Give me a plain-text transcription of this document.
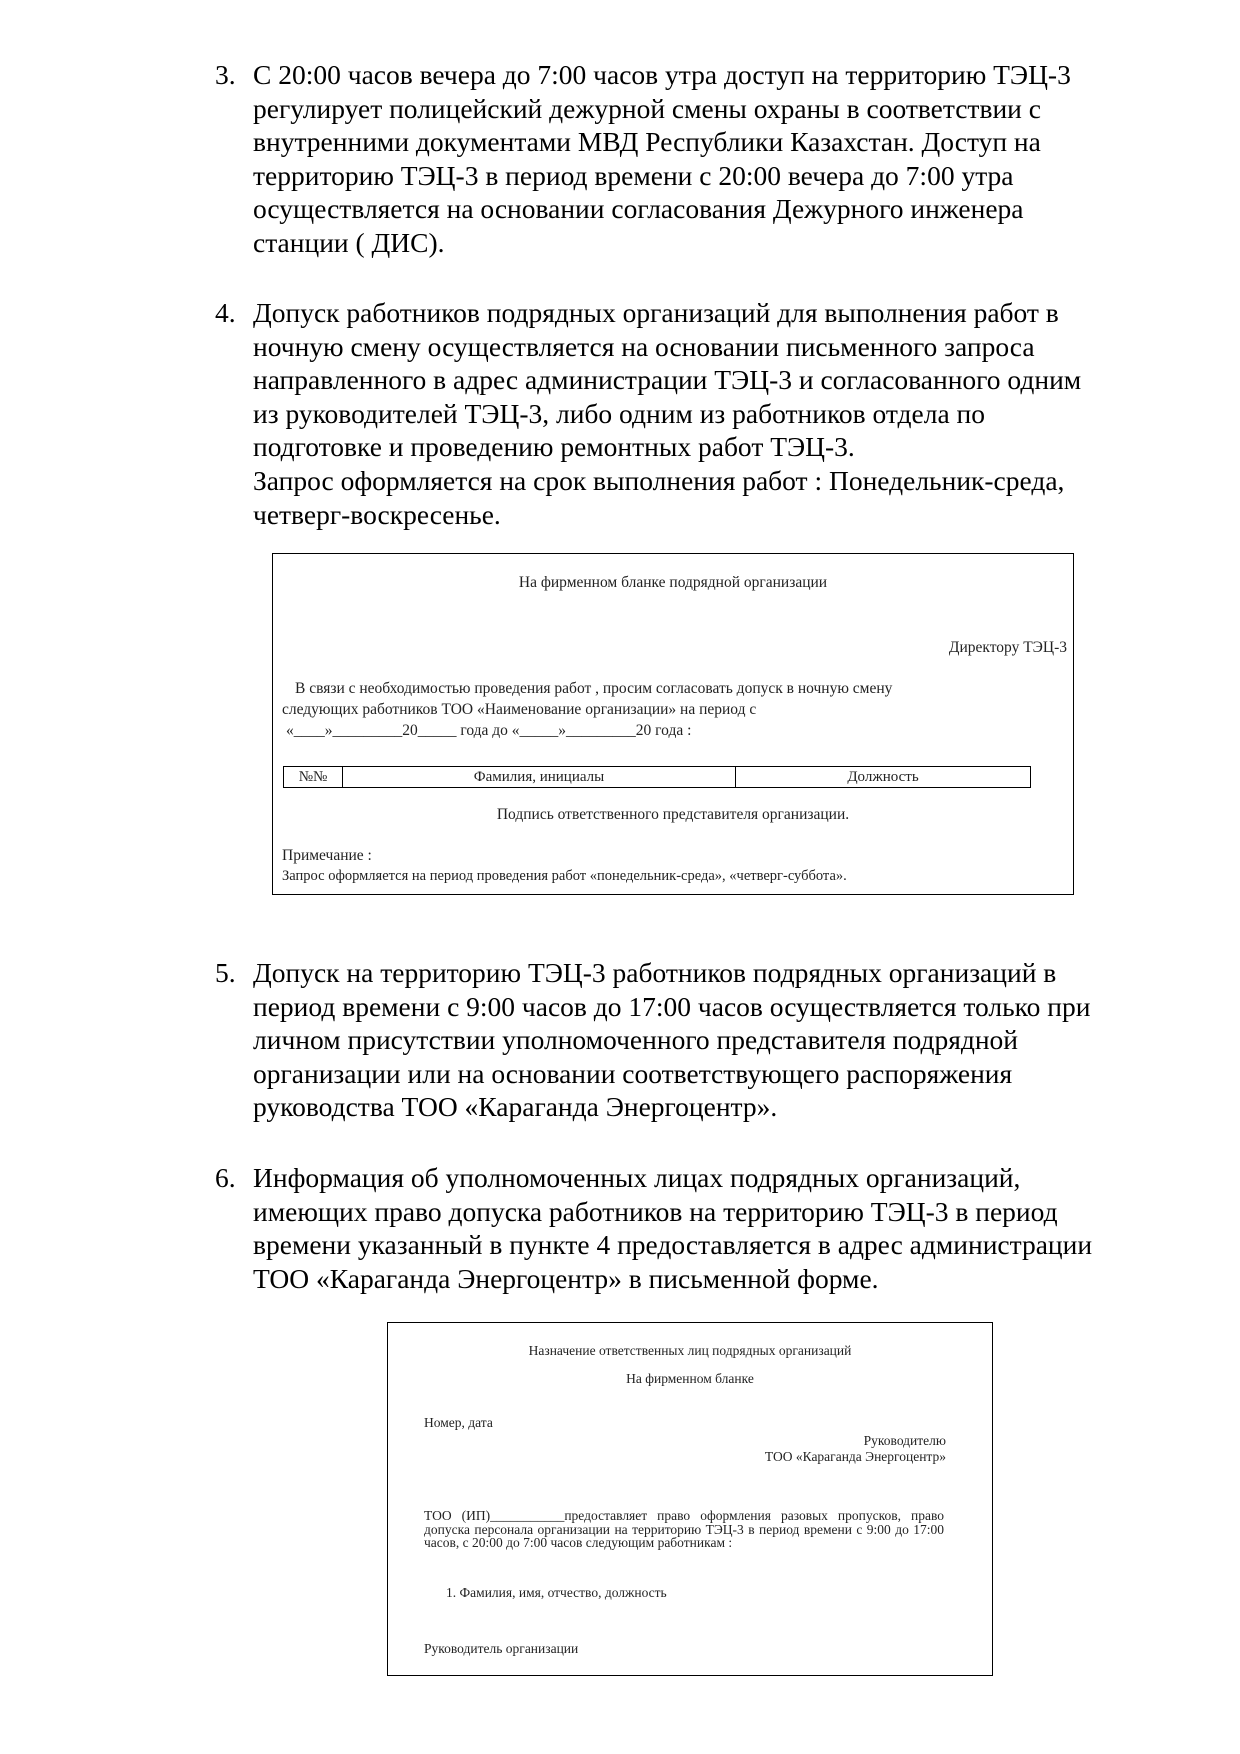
3. С 20:00 часов вечера до 7:00 часов утра доступ на территорию ТЭЦ-3

регулирует полицейский дежурной смены охраны в соответствии с

внутренними документами МВД Республики Казахстан. Доступ на

территорию ТЭЦ-3 в период времени с 20:00 вечера до 7:00 утра

осуществляется на основании согласования Дежурного инженера

станции ( ДИС).

4. Допуск работников подрядных организаций для выполнения работ в

ночную смену осуществляется на основании письменного запроса

направленного в адрес администрации ТЭЦ-3 и согласованного одним

из руководителей ТЭЦ-3, либо одним из работников отдела по

подготовке и проведению ремонтных работ ТЭЦ-3.

Запрос оформляется на срок выполнения работ : Понедельник-среда,

четверг-воскресенье.

На фирменном бланке подрядной организации
Директору ТЭЦ-3
В связи с необходимостью проведения работ , просим согласовать допуск в ночную смену
следующих работников ТОО «Наименование организации» на период с
«____»_________20_____ года до «_____»_________20 года :
№№	Фамилия, инициалы	Должность
Подпись ответственного представителя организации.
Примечание :
Запрос оформляется на период проведения работ «понедельник-среда», «четверг-суббота».
5. Допуск на территорию ТЭЦ-3 работников подрядных организаций в

период времени с 9:00 часов до 17:00 часов осуществляется только при

личном присутствии уполномоченного представителя подрядной

организации или на основании соответствующего распоряжения

руководства ТОО «Караганда Энергоцентр».

6. Информация об уполномоченных лицах подрядных организаций,

имеющих право допуска работников на территорию ТЭЦ-3 в период

времени указанный в пункте 4 предоставляется в адрес администрации

ТОО «Караганда Энергоцентр» в письменной форме.

Назначение ответственных лиц подрядных организаций
На фирменном бланке
Номер, дата
Руководителю
ТОО «Караганда Энергоцентр»
ТОО (ИП)___________предоставляет право оформления разовых пропусков, право допуска персонала организации на территорию ТЭЦ-3 в период времени с 9:00 до 17:00 часов, с 20:00 до 7:00 часов следующим работникам :
1. Фамилия, имя, отчество, должность
Руководитель организации
